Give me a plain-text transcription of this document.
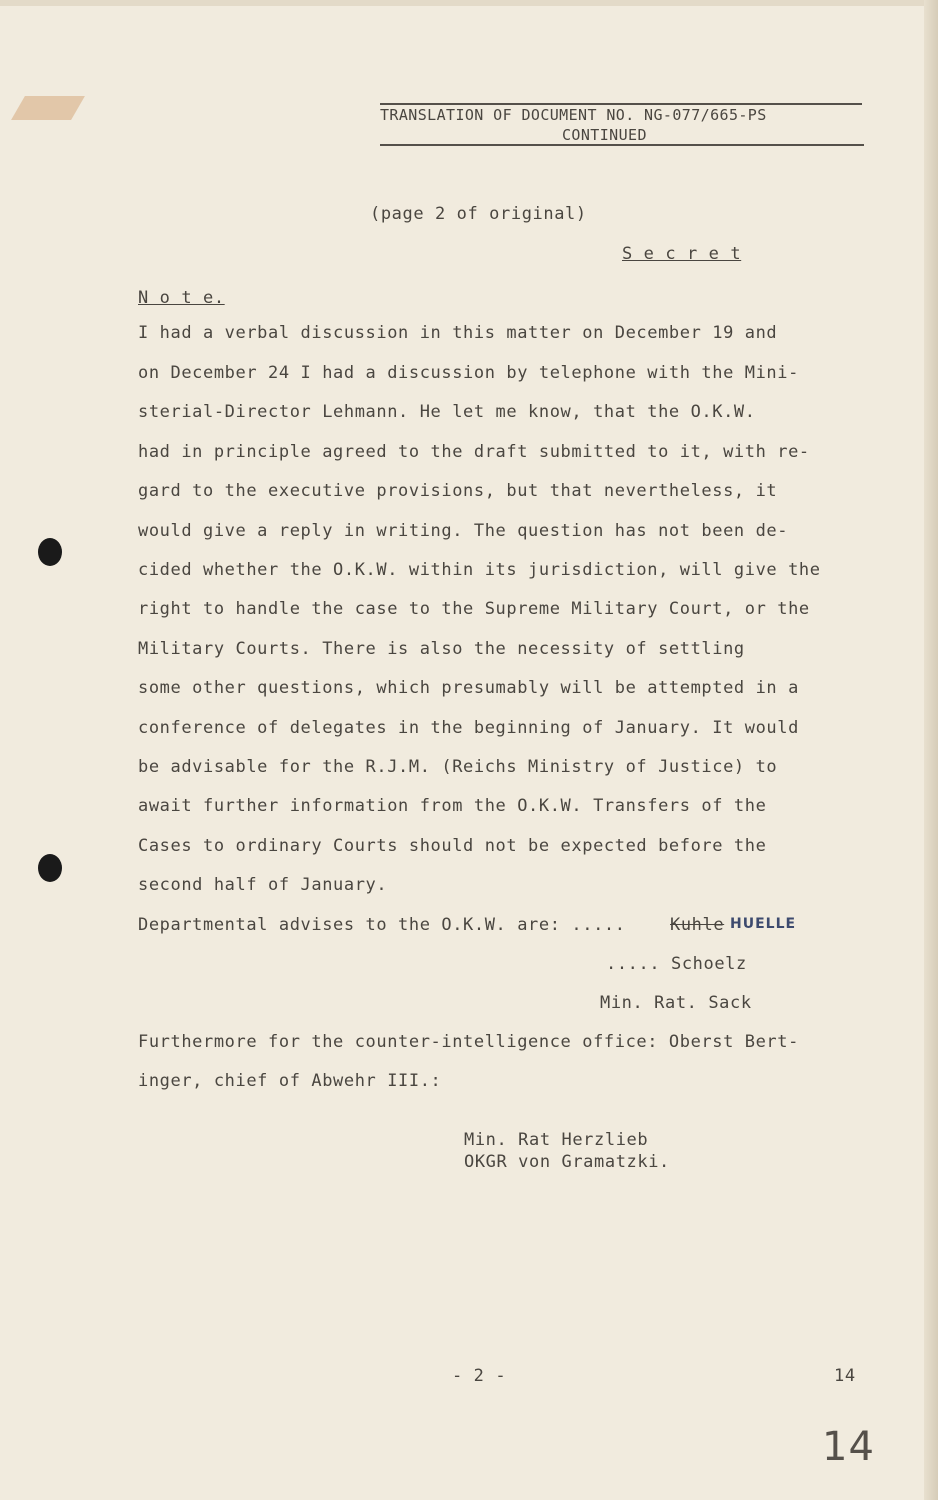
TRANSLATION OF DOCUMENT NO. NG-077/665-PS
CONTINUED
(page 2 of original)
S e c r e t
N o t e.
I had a verbal discussion in this matter on December 19 and
on December 24 I had a discussion by telephone with the Mini-
sterial-Director Lehmann. He let me know, that the O.K.W.
had in principle agreed to the draft submitted to it, with re-
gard to the executive provisions, but that nevertheless, it
would give a reply in writing. The question has not been de-
cided whether the O.K.W. within its jurisdiction, will give the
right to handle the case to the Supreme Military Court, or the
Military Courts. There is also the necessity of settling
some other questions, which presumably will be attempted in a
conference of delegates in the beginning of January. It would
be advisable for the R.J.M. (Reichs Ministry of Justice) to
await further information from the O.K.W. Transfers of the
Cases to ordinary Courts should not be expected before the
second half of January.
Departmental advises to the O.K.W. are: .....	Kuhle HUELLE
..... Schoelz
Min. Rat. Sack
Furthermore for the counter-intelligence office: Oberst Bert-
inger, chief of Abwehr III.:
Min. Rat Herzlieb
OKGR von Gramatzki.
- 2 -	14
14
